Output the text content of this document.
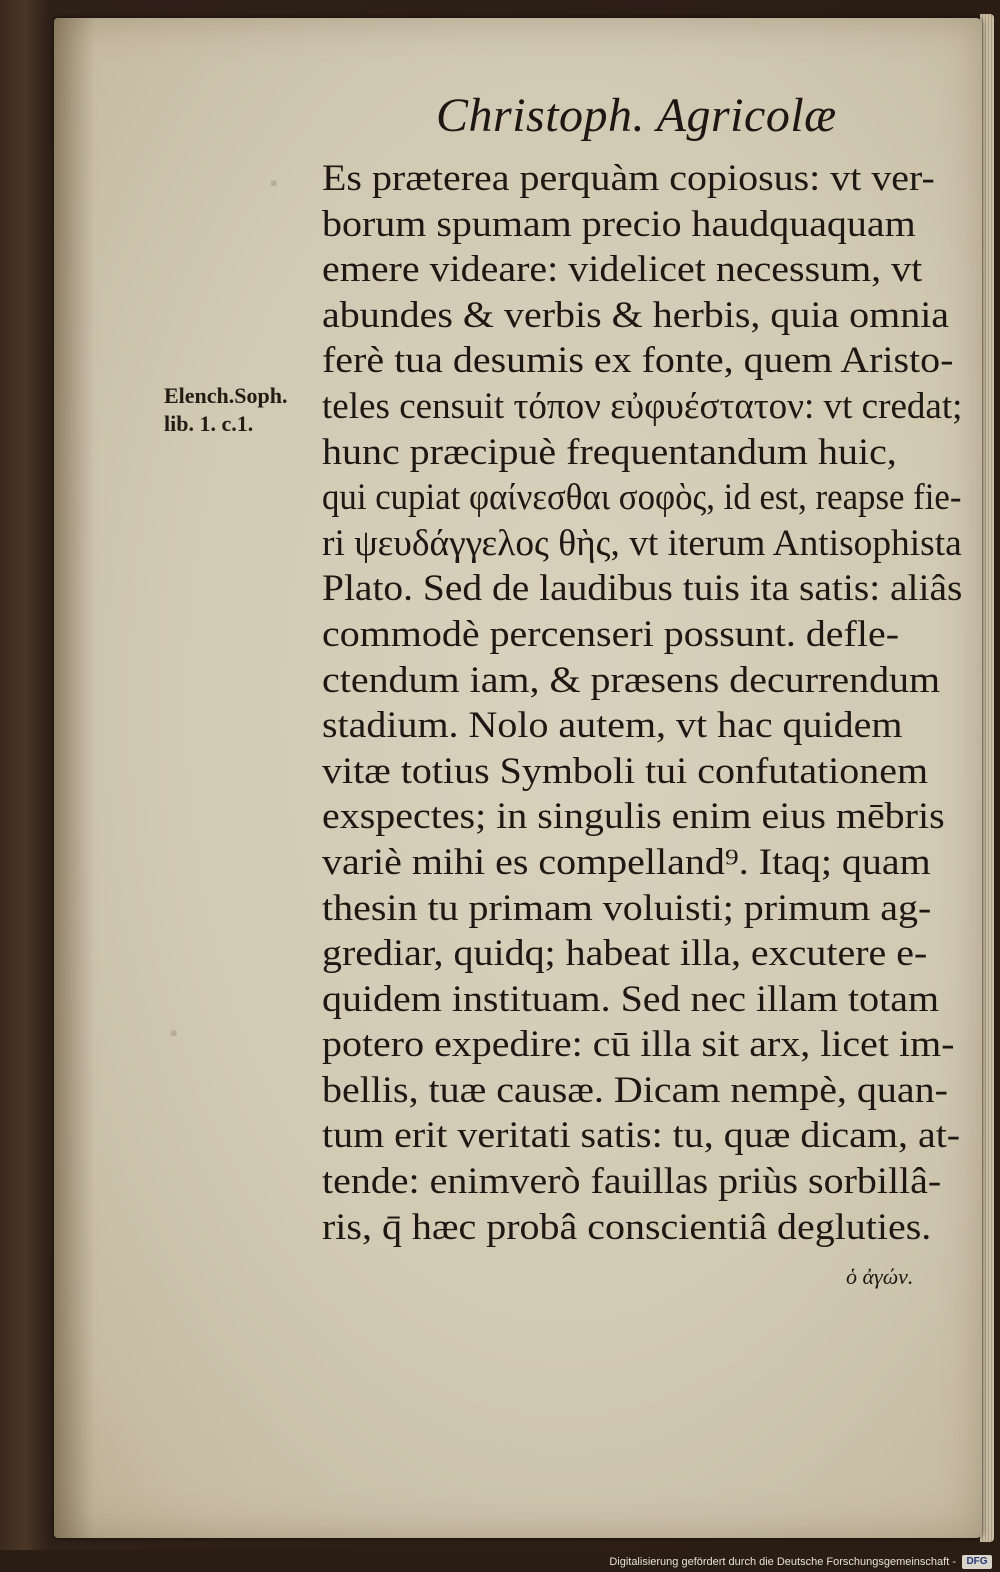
▪
▪
Christoph. Agricolæ
Elench.Soph.
lib. 1. c.1.
Es præterea perquàm copiosus: vt ver-
borum spumam precio haudquaquam
emere videare: videlicet necessum, vt
abundes & verbis & herbis, quia omnia
ferè tua desumis ex fonte, quem Aristo-
teles censuit τόπον εὐφυέστατον: vt credat;
hunc præcipuè frequentandum huic,
qui cupiat φαίνεσθαι σοφὸς, id est, reapse fie-
ri ψευδάγγελος θὴς, vt iterum Antisophista
Plato. Sed de laudibus tuis ita satis: aliâs
commodè percenseri possunt. defle-
ctendum iam, & præsens decurrendum
stadium. Nolo autem, vt hac quidem
vitæ totius Symboli tui confutationem
exspectes; in singulis enim eius mēbris
variè mihi es compelland⁹. Itaq; quam
thesin tu primam voluisti; primum ag-
grediar, quidq; habeat illa, excutere e-
quidem instituam. Sed nec illam totam
potero expedire: cū illa sit arx, licet im-
bellis, tuæ causæ. Dicam nempè, quan-
tum erit veritati satis: tu, quæ dicam, at-
tende: enimverò fauillas priùs sorbillâ-
ris, q̄ hæc probâ conscientiâ degluties.
ὁ ἀγών.
Digitalisierung gefördert durch die Deutsche Forschungsgemeinschaft -	DFG
